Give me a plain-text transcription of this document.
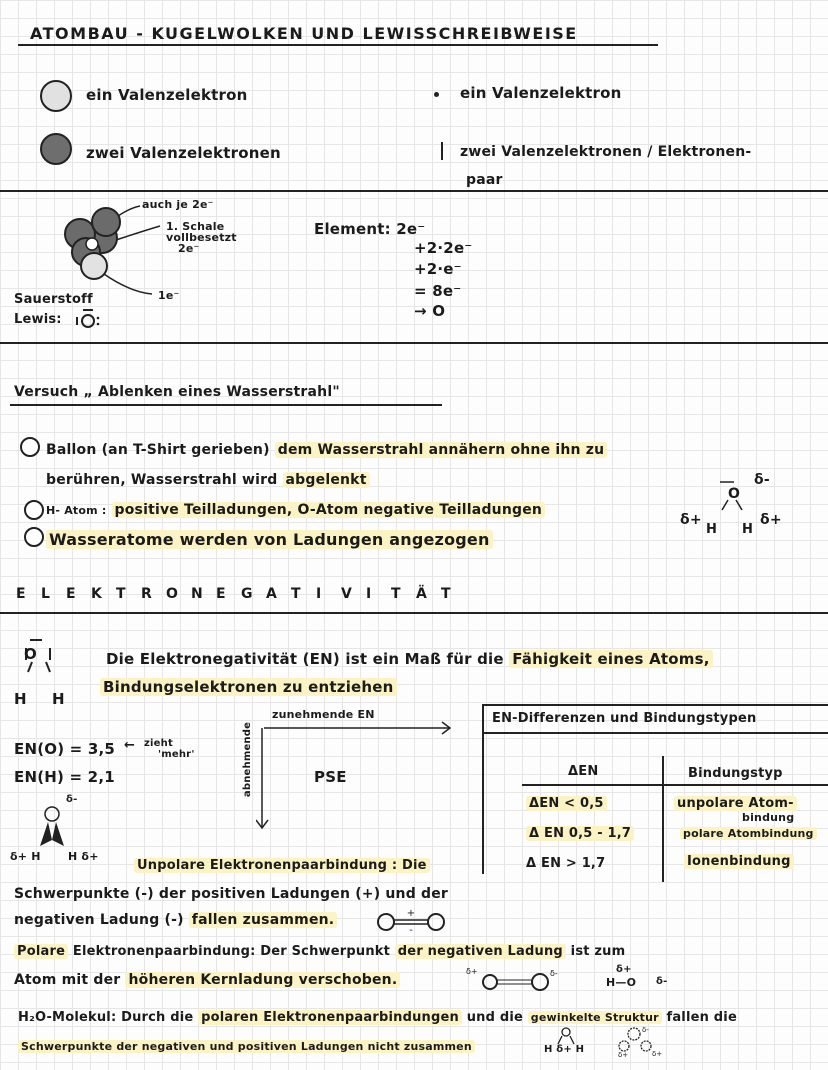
ATOMBAU - KUGELWOLKEN UND LEWISSCHREIBWEISE
ein Valenzelektron
zwei Valenzelektronen
ein Valenzelektron
zwei Valenzelektronen / Elektronen-
paar
auch je 2e⁻
1. Schale
vollbesetzt
2e⁻
1e⁻
Sauerstoff
Lewis:
Element: 2e⁻
+2·2e⁻
+2·e⁻
= 8e⁻
→ O
Versuch „ Ablenken eines Wasserstrahl"
Ballon (an T-Shirt gerieben) dem Wasserstrahl annähern ohne ihn zu
berühren, Wasserstrahl wird abgelenkt
H- Atom : positive Teilladungen, O-Atom negative Teilladungen
Wasseratome werden von Ladungen angezogen
O
δ-
δ+
H H
δ+
E L E K T R O N E G A T I V I T Ä T
O
H H
Die Elektronegativität (EN) ist ein Maß für die Fähigkeit eines Atoms,
Bindungselektronen zu entziehen
zunehmende EN
abnehmende	PSE
EN(O) = 3,5 ← zieht
'mehr'
EN(H) = 2,1
δ-
δ+ H H δ+
EN-Differenzen und Bindungstypen
ΔEN	Bindungstyp
ΔEN < 0,5	unpolare Atom-
bindung
Δ EN 0,5 - 1,7	polare Atombindung
Δ EN > 1,7	Ionenbindung
Unpolare Elektronenpaarbindung : Die
Schwerpunkte (-) der positiven Ladungen (+) und der
negativen Ladung (-) fallen zusammen.	+
-
Polare Elektronenpaarbindung: Der Schwerpunkt der negativen Ladung ist zum
Atom mit der höheren Kernladung verschoben.
δ+	δ-
H—O
δ+
δ-
H₂O-Molekul: Durch die polaren Elektronenpaarbindungen und die gewinkelte Struktur fallen die
Schwerpunkte der negativen und positiven Ladungen nicht zusammen	H δ+ H
δ-
δ+
δ+
